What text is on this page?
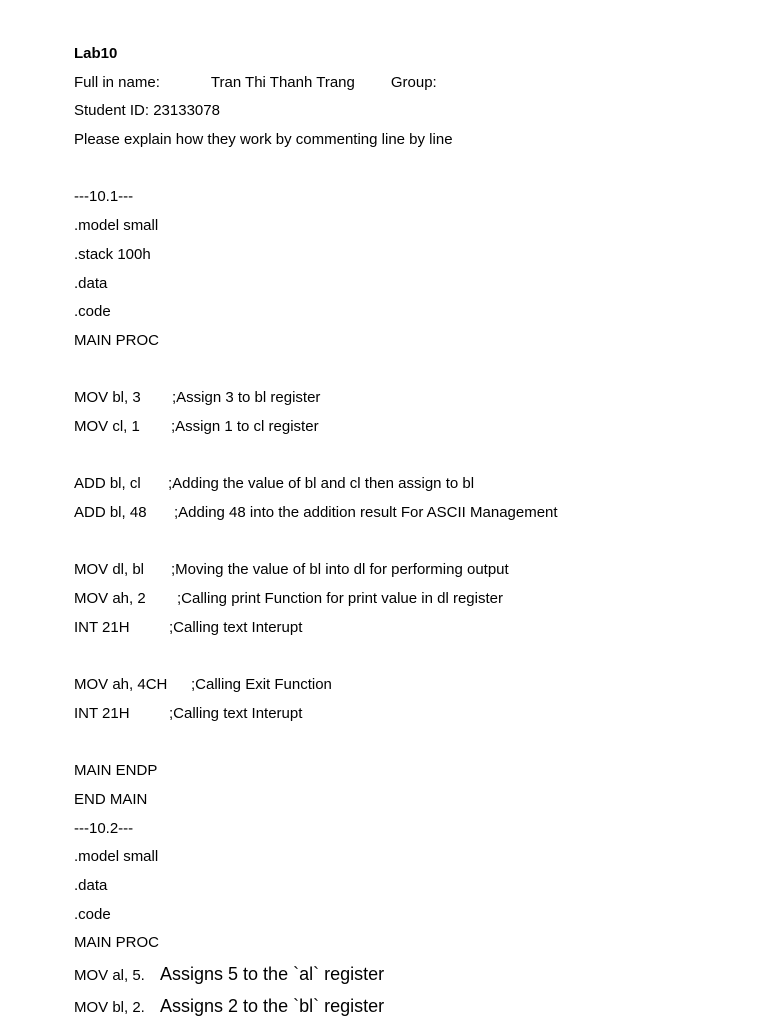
Lab10
Full in name:	Tran Thi Thanh Trang Group:
Student ID: 23133078
Please explain how they work by commenting line by line
---10.1---
.model small
.stack 100h
.data
.code
MAIN PROC
MOV bl, 3 ;Assign 3 to bl register
MOV cl, 1 ;Assign 1 to cl register
ADD bl, cl ;Adding the value of bl and cl then assign to bl
ADD bl, 48 ;Adding 48 into the addition result For ASCII Management
MOV dl, bl ;Moving the value of bl into dl for performing output
MOV ah, 2 ;Calling print Function for print value in dl register
INT 21H	;Calling text Interupt
MOV ah, 4CH ;Calling Exit Function
INT 21H	;Calling text Interupt
MAIN ENDP
END MAIN
---10.2---
.model small
.data
.code
MAIN PROC
MOV al, 5. Assigns 5 to the `al` register
MOV bl, 2. Assigns 2 to the `bl` register
